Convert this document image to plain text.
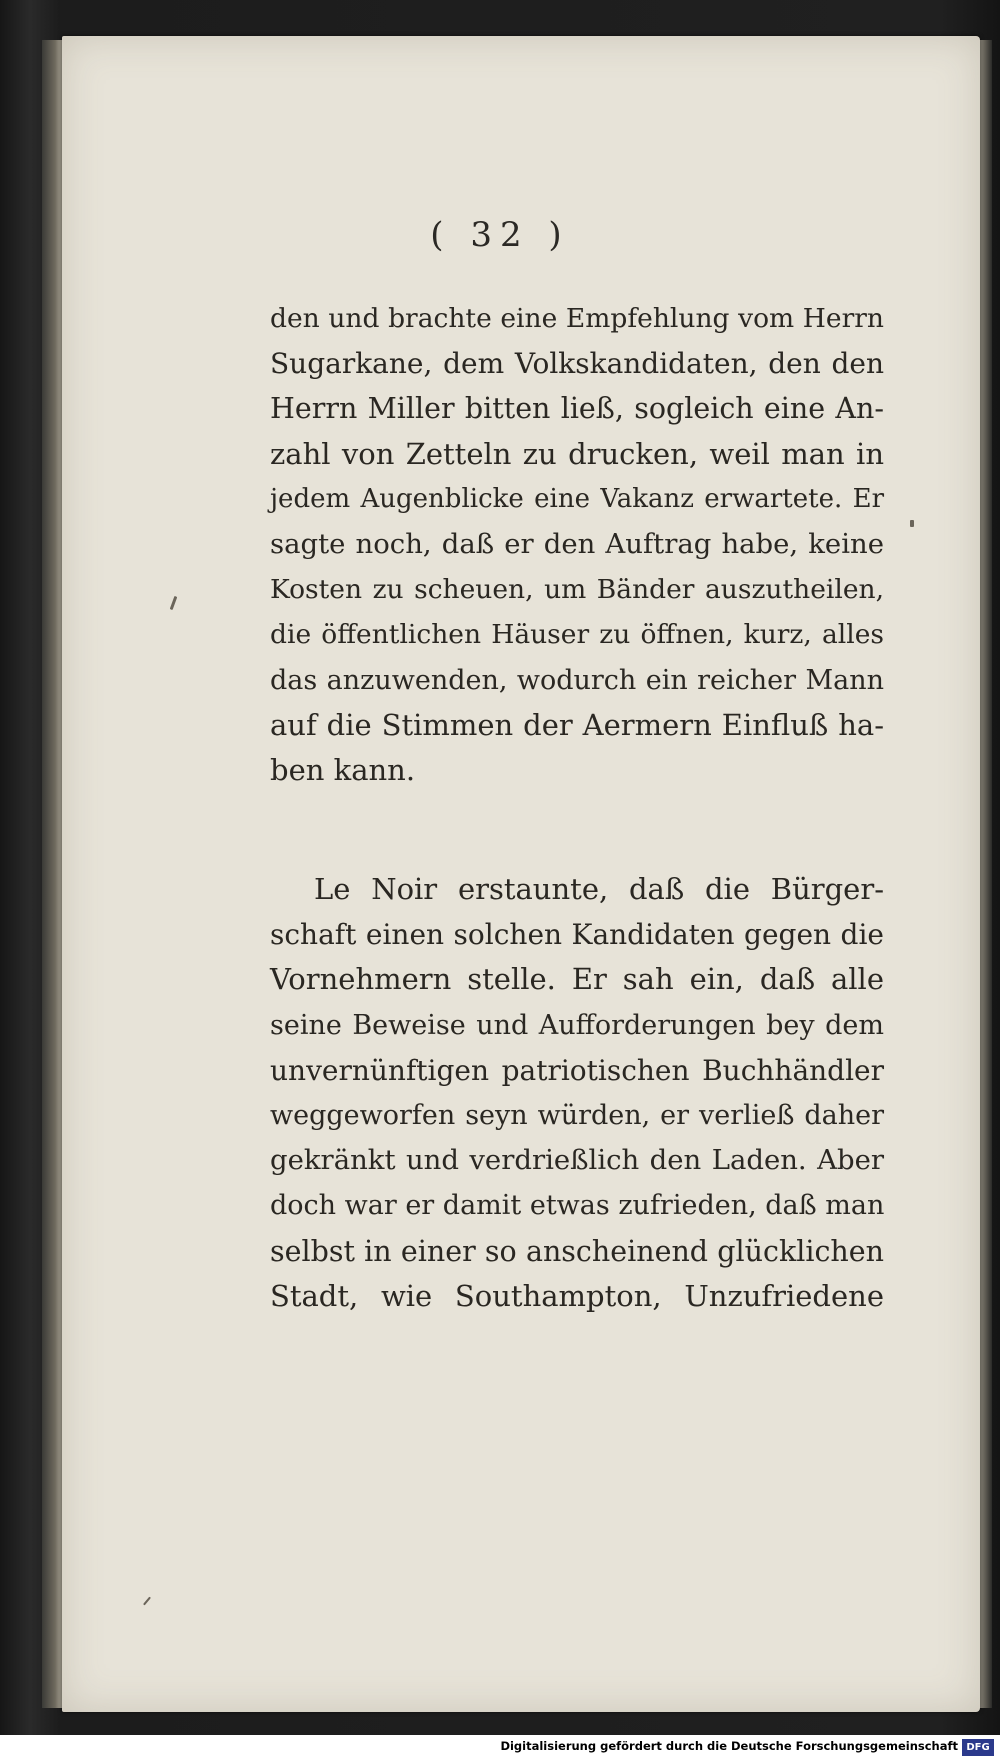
( 32 )
den und brachte eine Empfehlung vom Herrn
Sugarkane, dem Volkskandidaten, den den
Herrn Miller bitten ließ, sogleich eine An-
zahl von Zetteln zu drucken, weil man in
jedem Augenblicke eine Vakanz erwartete. Er
sagte noch, daß er den Auftrag habe, keine
Kosten zu scheuen, um Bänder auszutheilen,
die öffentlichen Häuser zu öffnen, kurz, alles
das anzuwenden, wodurch ein reicher Mann
auf die Stimmen der Aermern Einfluß ha-
ben kann.
Le Noir erstaunte, daß die Bürger-
schaft einen solchen Kandidaten gegen die
Vornehmern stelle. Er sah ein, daß alle
seine Beweise und Aufforderungen bey dem
unvernünftigen patriotischen Buchhändler
weggeworfen seyn würden, er verließ daher
gekränkt und verdrießlich den Laden. Aber
doch war er damit etwas zufrieden, daß man
selbst in einer so anscheinend glücklichen
Stadt, wie Southampton, Unzufriedene
Digitalisierung gefördert durch die Deutsche Forschungsgemeinschaft DFG
